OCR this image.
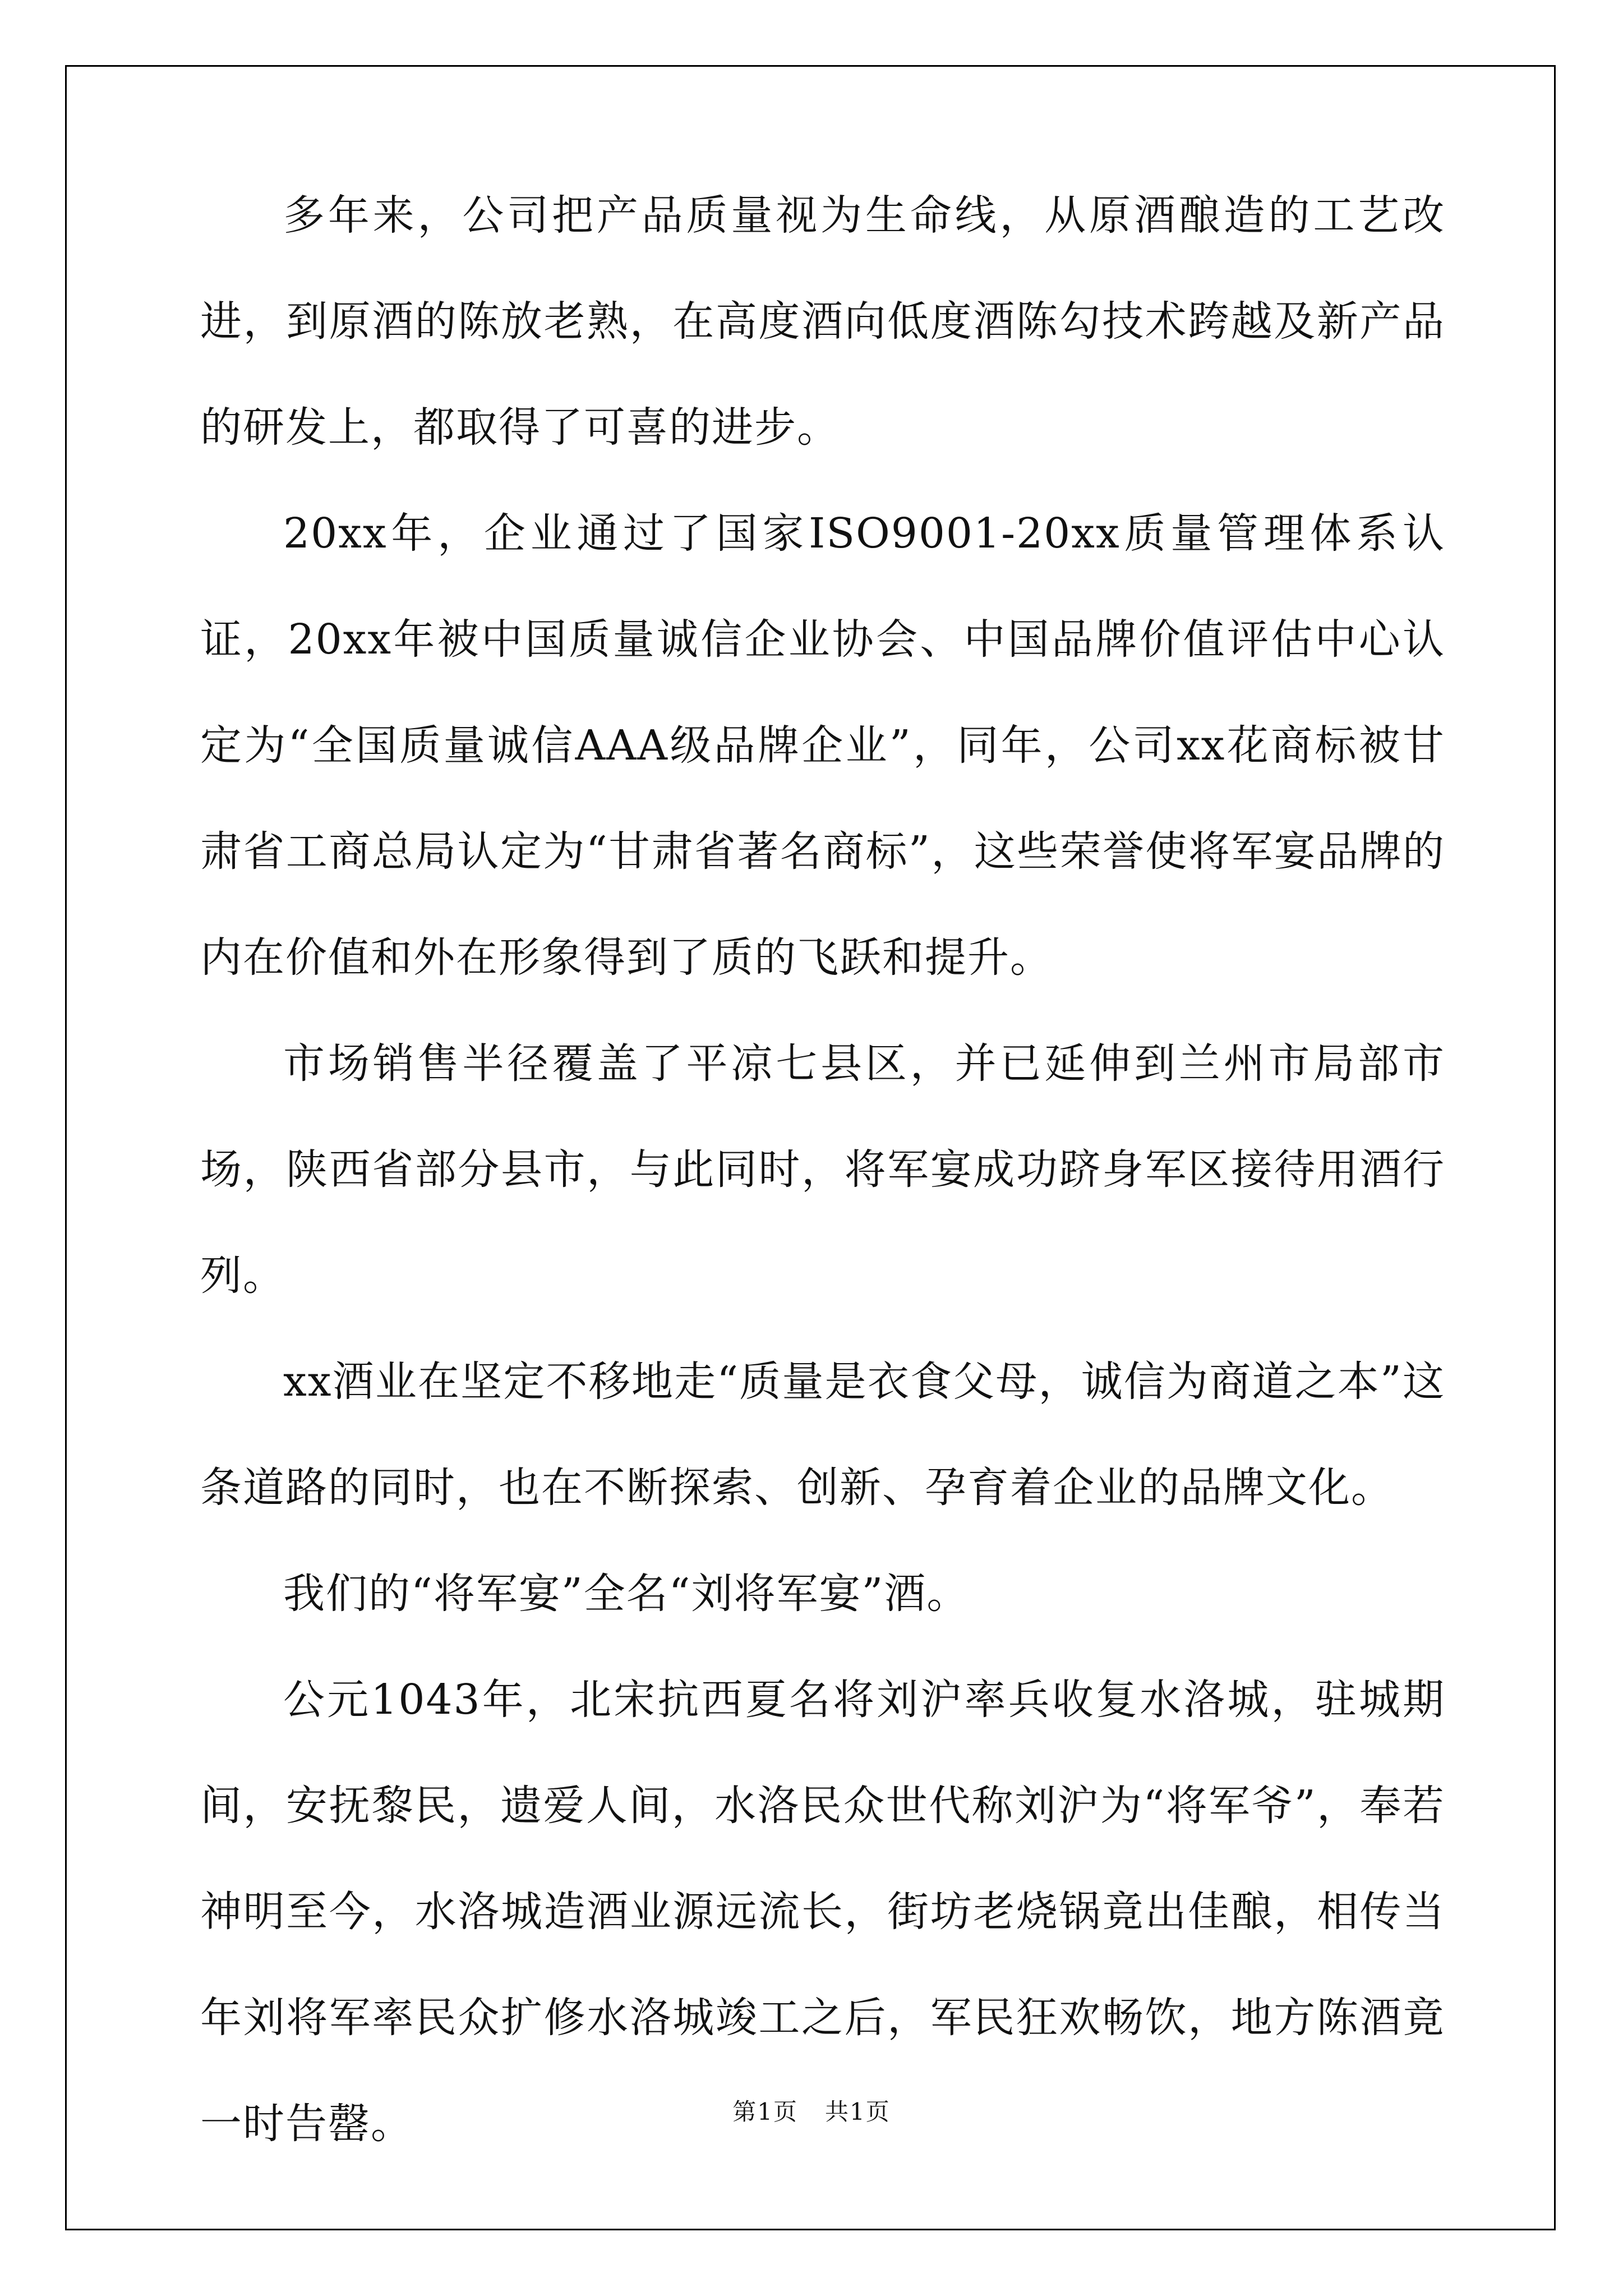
多年来，公司把产品质量视为生命线，从原酒酿造的工艺改进，到原酒的陈放老熟，在高度酒向低度酒陈勾技术跨越及新产品的研发上，都取得了可喜的进步。

20xx年，企业通过了国家ISO9001-20xx质量管理体系认证，20xx年被中国质量诚信企业协会、中国品牌价值评估中心认定为“全国质量诚信AAA级品牌企业”，同年，公司xx花商标被甘肃省工商总局认定为“甘肃省著名商标”，这些荣誉使将军宴品牌的内在价值和外在形象得到了质的飞跃和提升。

市场销售半径覆盖了平凉七县区，并已延伸到兰州市局部市场，陕西省部分县市，与此同时，将军宴成功跻身军区接待用酒行列。

xx酒业在坚定不移地走“质量是衣食父母，诚信为商道之本”这条道路的同时，也在不断探索、创新、孕育着企业的品牌文化。

我们的“将军宴”全名“刘将军宴”酒。

公元1043年，北宋抗西夏名将刘沪率兵收复水洛城，驻城期间，安抚黎民，遗爱人间，水洛民众世代称刘沪为“将军爷”，奉若神明至今，水洛城造酒业源远流长，街坊老烧锅竟出佳酿，相传当年刘将军率民众扩修水洛城竣工之后，军民狂欢畅饮，地方陈酒竟一时告罄。	第1页 共1页
